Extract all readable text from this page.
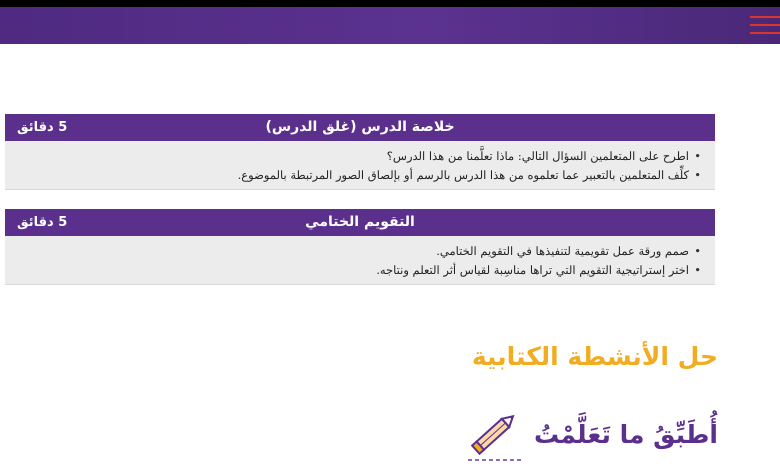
خلاصة الدرس (غلق الدرس)
5 دقائق
• اطرح على المتعلمين السؤال التالي: ماذا تعلَّمنا من هذا الدرس؟
• كلِّف المتعلمين بالتعبير عما تعلموه من هذا الدرس بالرسم أو بإلصاق الصور المرتبطة بالموضوع.
التقويم الختامي
5 دقائق
• صمم ورقة عمل تقويمية لتنفيذها في التقويم الختامي.
• اختر إستراتيجية التقويم التي تراها مناسِبة لقياس أثر التعلم ونتاجه.
حل الأنشطة الكتابية
أُطَبِّقُ ما تَعَلَّمْتُ
